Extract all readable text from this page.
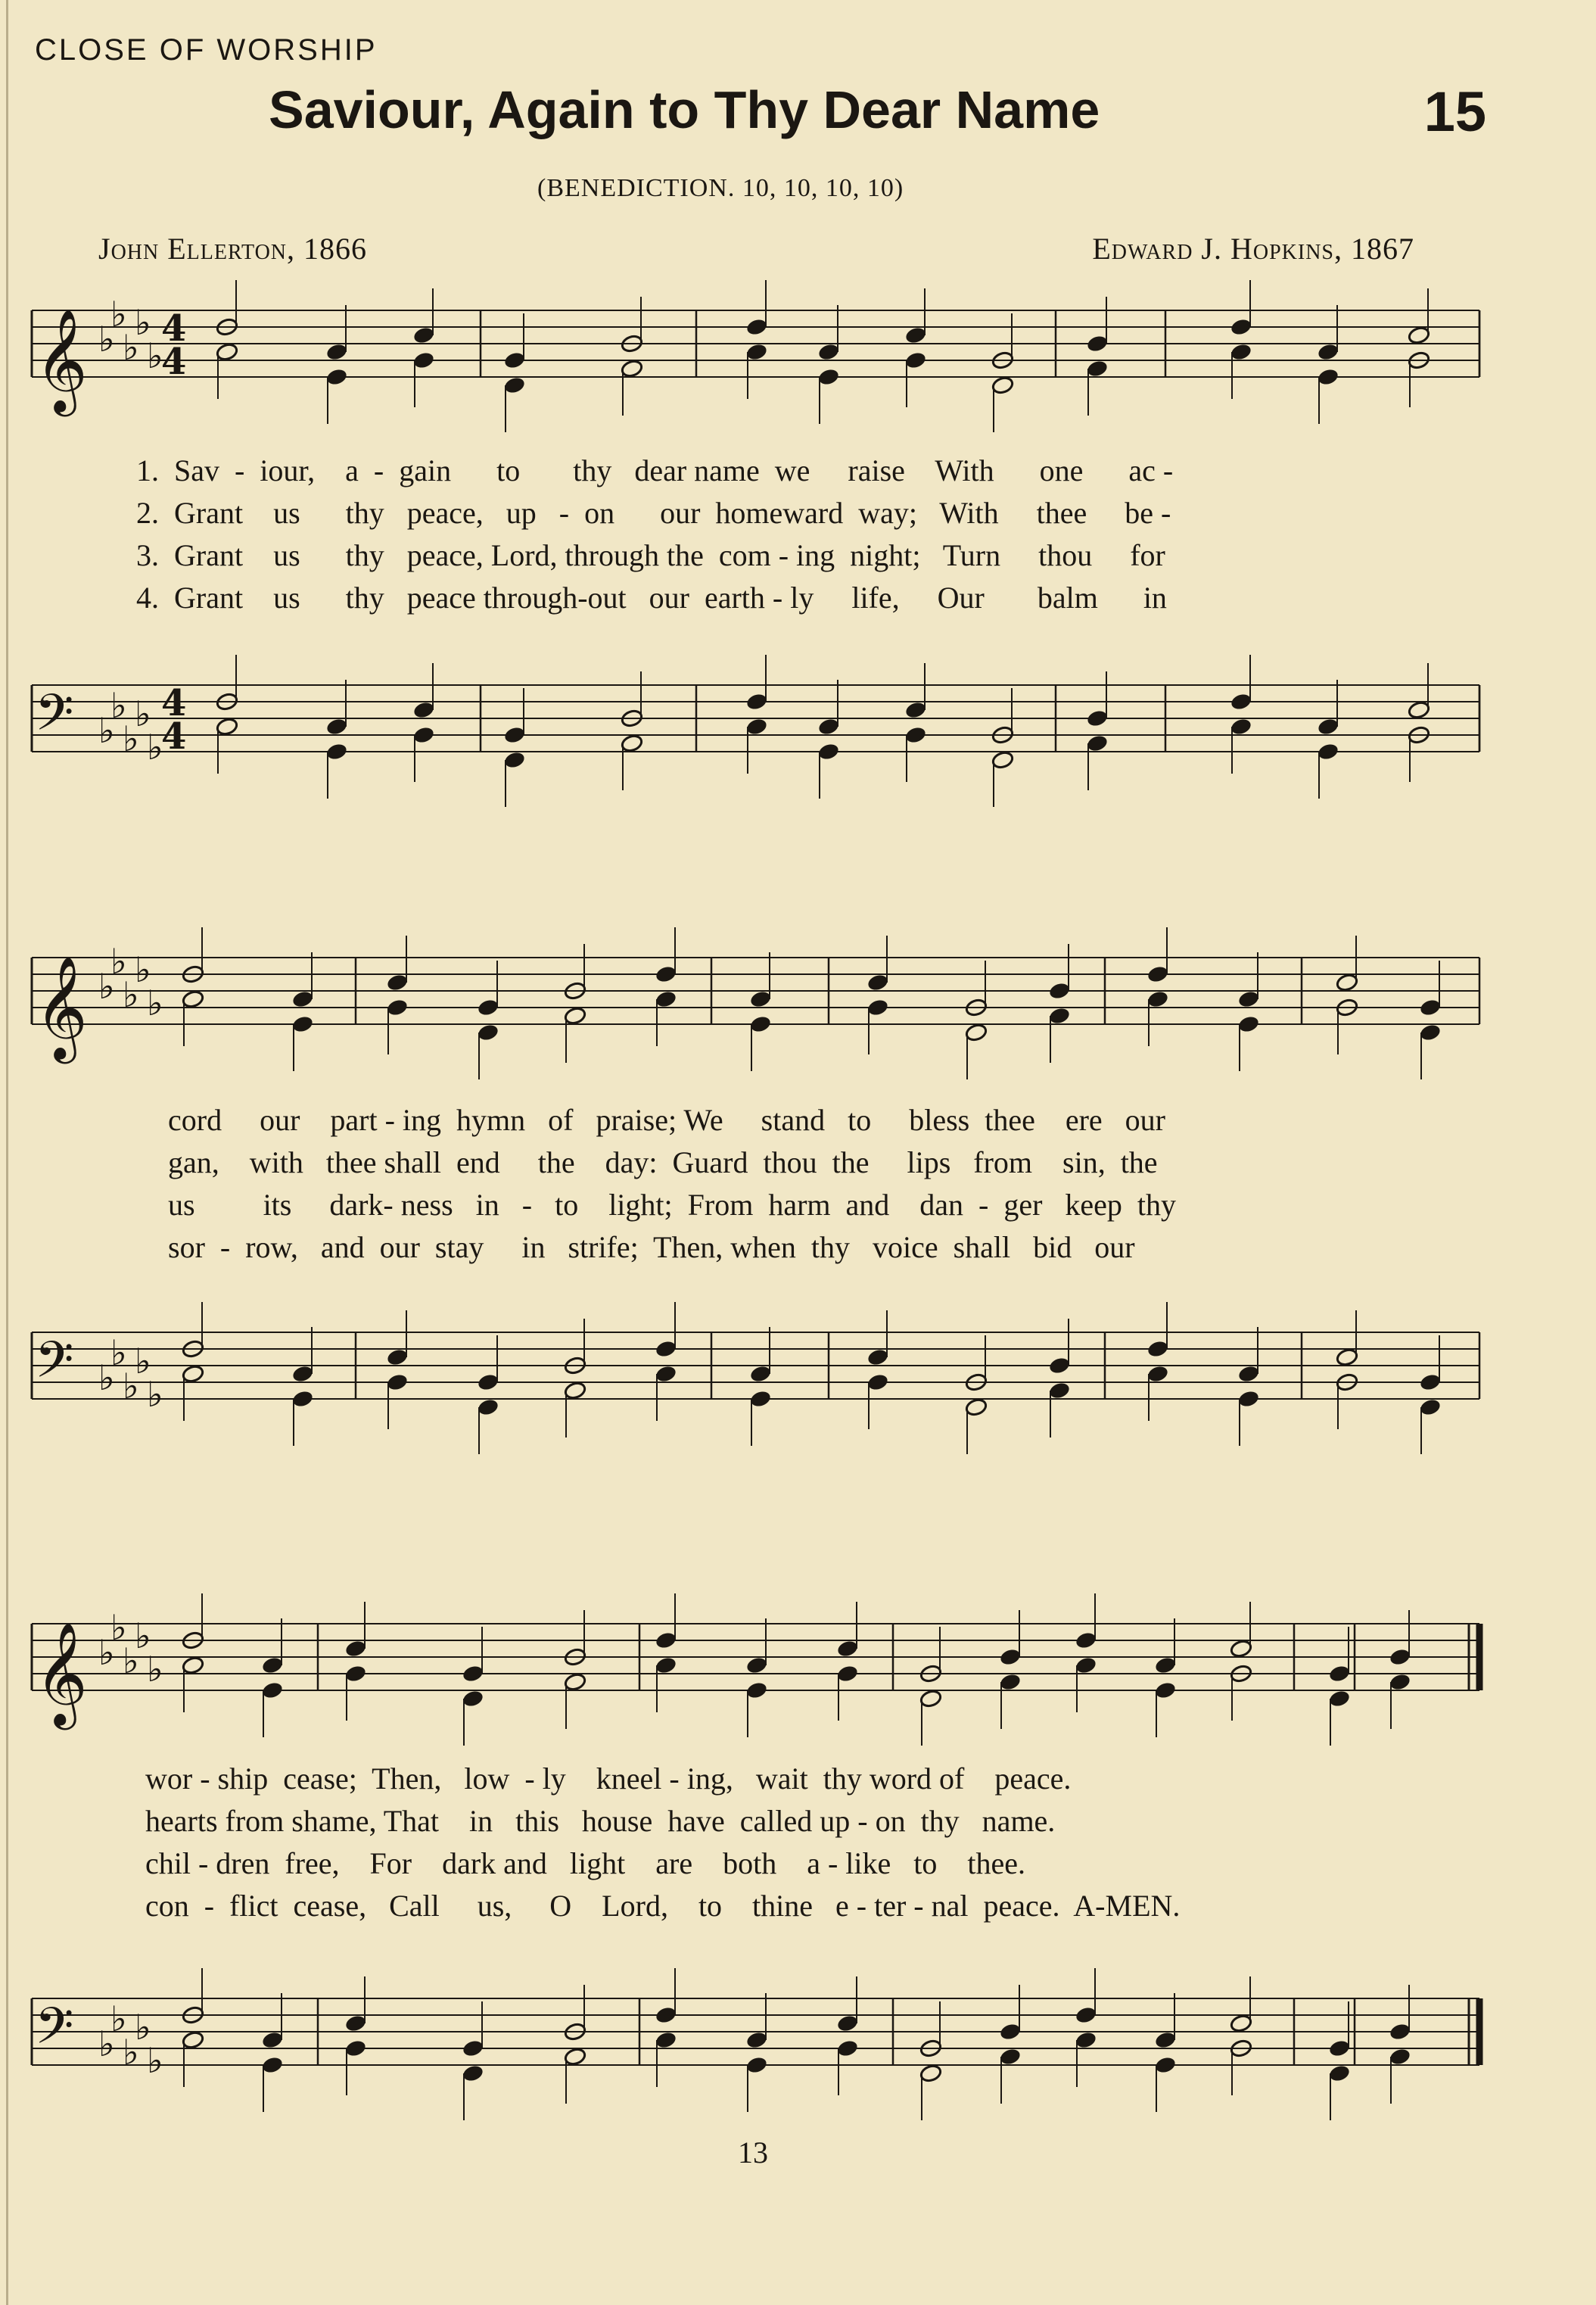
CLOSE OF WORSHIP
Saviour, Again to Thy Dear Name	15
(BENEDICTION. 10, 10, 10, 10)
John Ellerton, 1866	Edward J. Hopkins, 1867
𝄞 ♭
♭
♭
♭
♭
4
4
𝄢 ♭
♭
♭
♭
♭
4
4
1.  Sav  -  iour,    a  -  gain      to       thy   dear name  we     raise    With      one      ac -
2.  Grant    us      thy   peace,   up   -  on      our  homeward  way;   With     thee     be -
3.  Grant    us      thy   peace, Lord, through the  com - ing  night;   Turn     thou     for
4.  Grant    us      thy   peace through-out   our  earth - ly     life,     Our       balm      in
𝄞 ♭
♭
♭
♭
♭
𝄢 ♭
♭
♭
♭
♭
cord     our    part - ing  hymn   of   praise; We     stand   to     bless  thee    ere   our
gan,    with   thee shall  end     the    day:  Guard  thou  the     lips   from    sin,  the
us         its     dark- ness   in   -   to    light;  From  harm  and    dan  -  ger   keep  thy
sor  -  row,   and  our  stay     in   strife;  Then, when  thy   voice  shall   bid   our
𝄞 ♭
♭
♭
♭
♭
𝄢 ♭
♭
♭
♭
♭
wor - ship  cease;  Then,   low  - ly    kneel - ing,   wait  thy word of    peace.
hearts from shame, That    in   this   house  have  called up - on  thy   name.
chil - dren  free,    For    dark and   light    are    both    a - like   to    thee.
con  -  flict  cease,   Call     us,     O    Lord,    to    thine   e - ter - nal  peace.  A-MEN.
13
